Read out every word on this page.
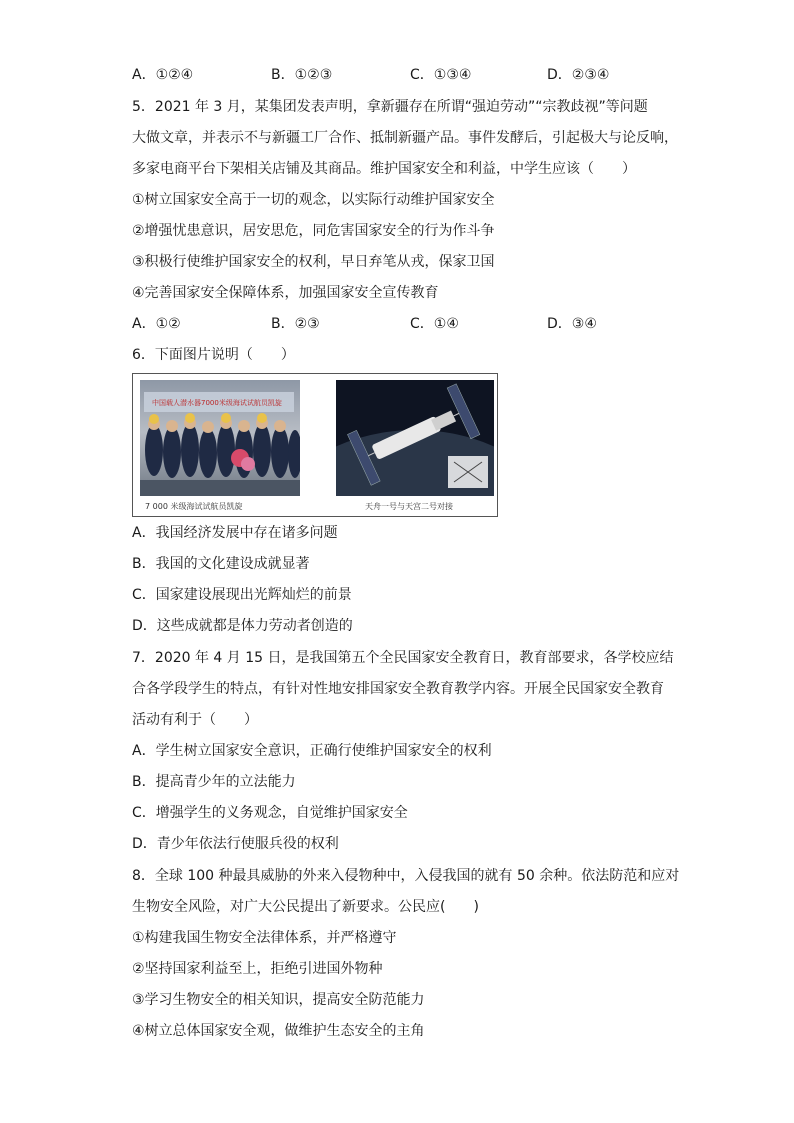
A．①②④	B．①②③	C．①③④	D．②③④
5．2021 年 3 月，某集团发表声明，拿新疆存在所谓“强迫劳动”“宗教歧视”等问题
大做文章，并表示不与新疆工厂合作、抵制新疆产品。事件发酵后，引起极大与论反响，
多家电商平台下架相关店铺及其商品。维护国家安全和利益，中学生应该（　　）
①树立国家安全高于一切的观念，以实际行动维护国家安全
②增强忧患意识，居安思危，同危害国家安全的行为作斗争
③积极行使维护国家安全的权利，早日弃笔从戎，保家卫国
④完善国家安全保障体系，加强国家安全宣传教育
A．①②	B．②③	C．①④	D．③④
6．下面图片说明（　　）
中国载人潜水器7000米级海试试航员凯旋
7 000 米级海试试航员凯旋	天舟一号与天宫二号对接
A．我国经济发展中存在诸多问题
B．我国的文化建设成就显著
C．国家建设展现出光辉灿烂的前景
D．这些成就都是体力劳动者创造的
7．2020 年 4 月 15 日，是我国第五个全民国家安全教育日，教育部要求，各学校应结
合各学段学生的特点，有针对性地安排国家安全教育教学内容。开展全民国家安全教育
活动有利于（　　）
A．学生树立国家安全意识，正确行使维护国家安全的权利
B．提高青少年的立法能力
C．增强学生的义务观念，自觉维护国家安全
D．青少年依法行使服兵役的权利
8．全球 100 种最具威胁的外来入侵物种中，入侵我国的就有 50 余种。依法防范和应对
生物安全风险，对广大公民提出了新要求。公民应(　　)
①构建我国生物安全法律体系，并严格遵守
②坚持国家利益至上，拒绝引进国外物种
③学习生物安全的相关知识，提高安全防范能力
④树立总体国家安全观，做维护生态安全的主角
